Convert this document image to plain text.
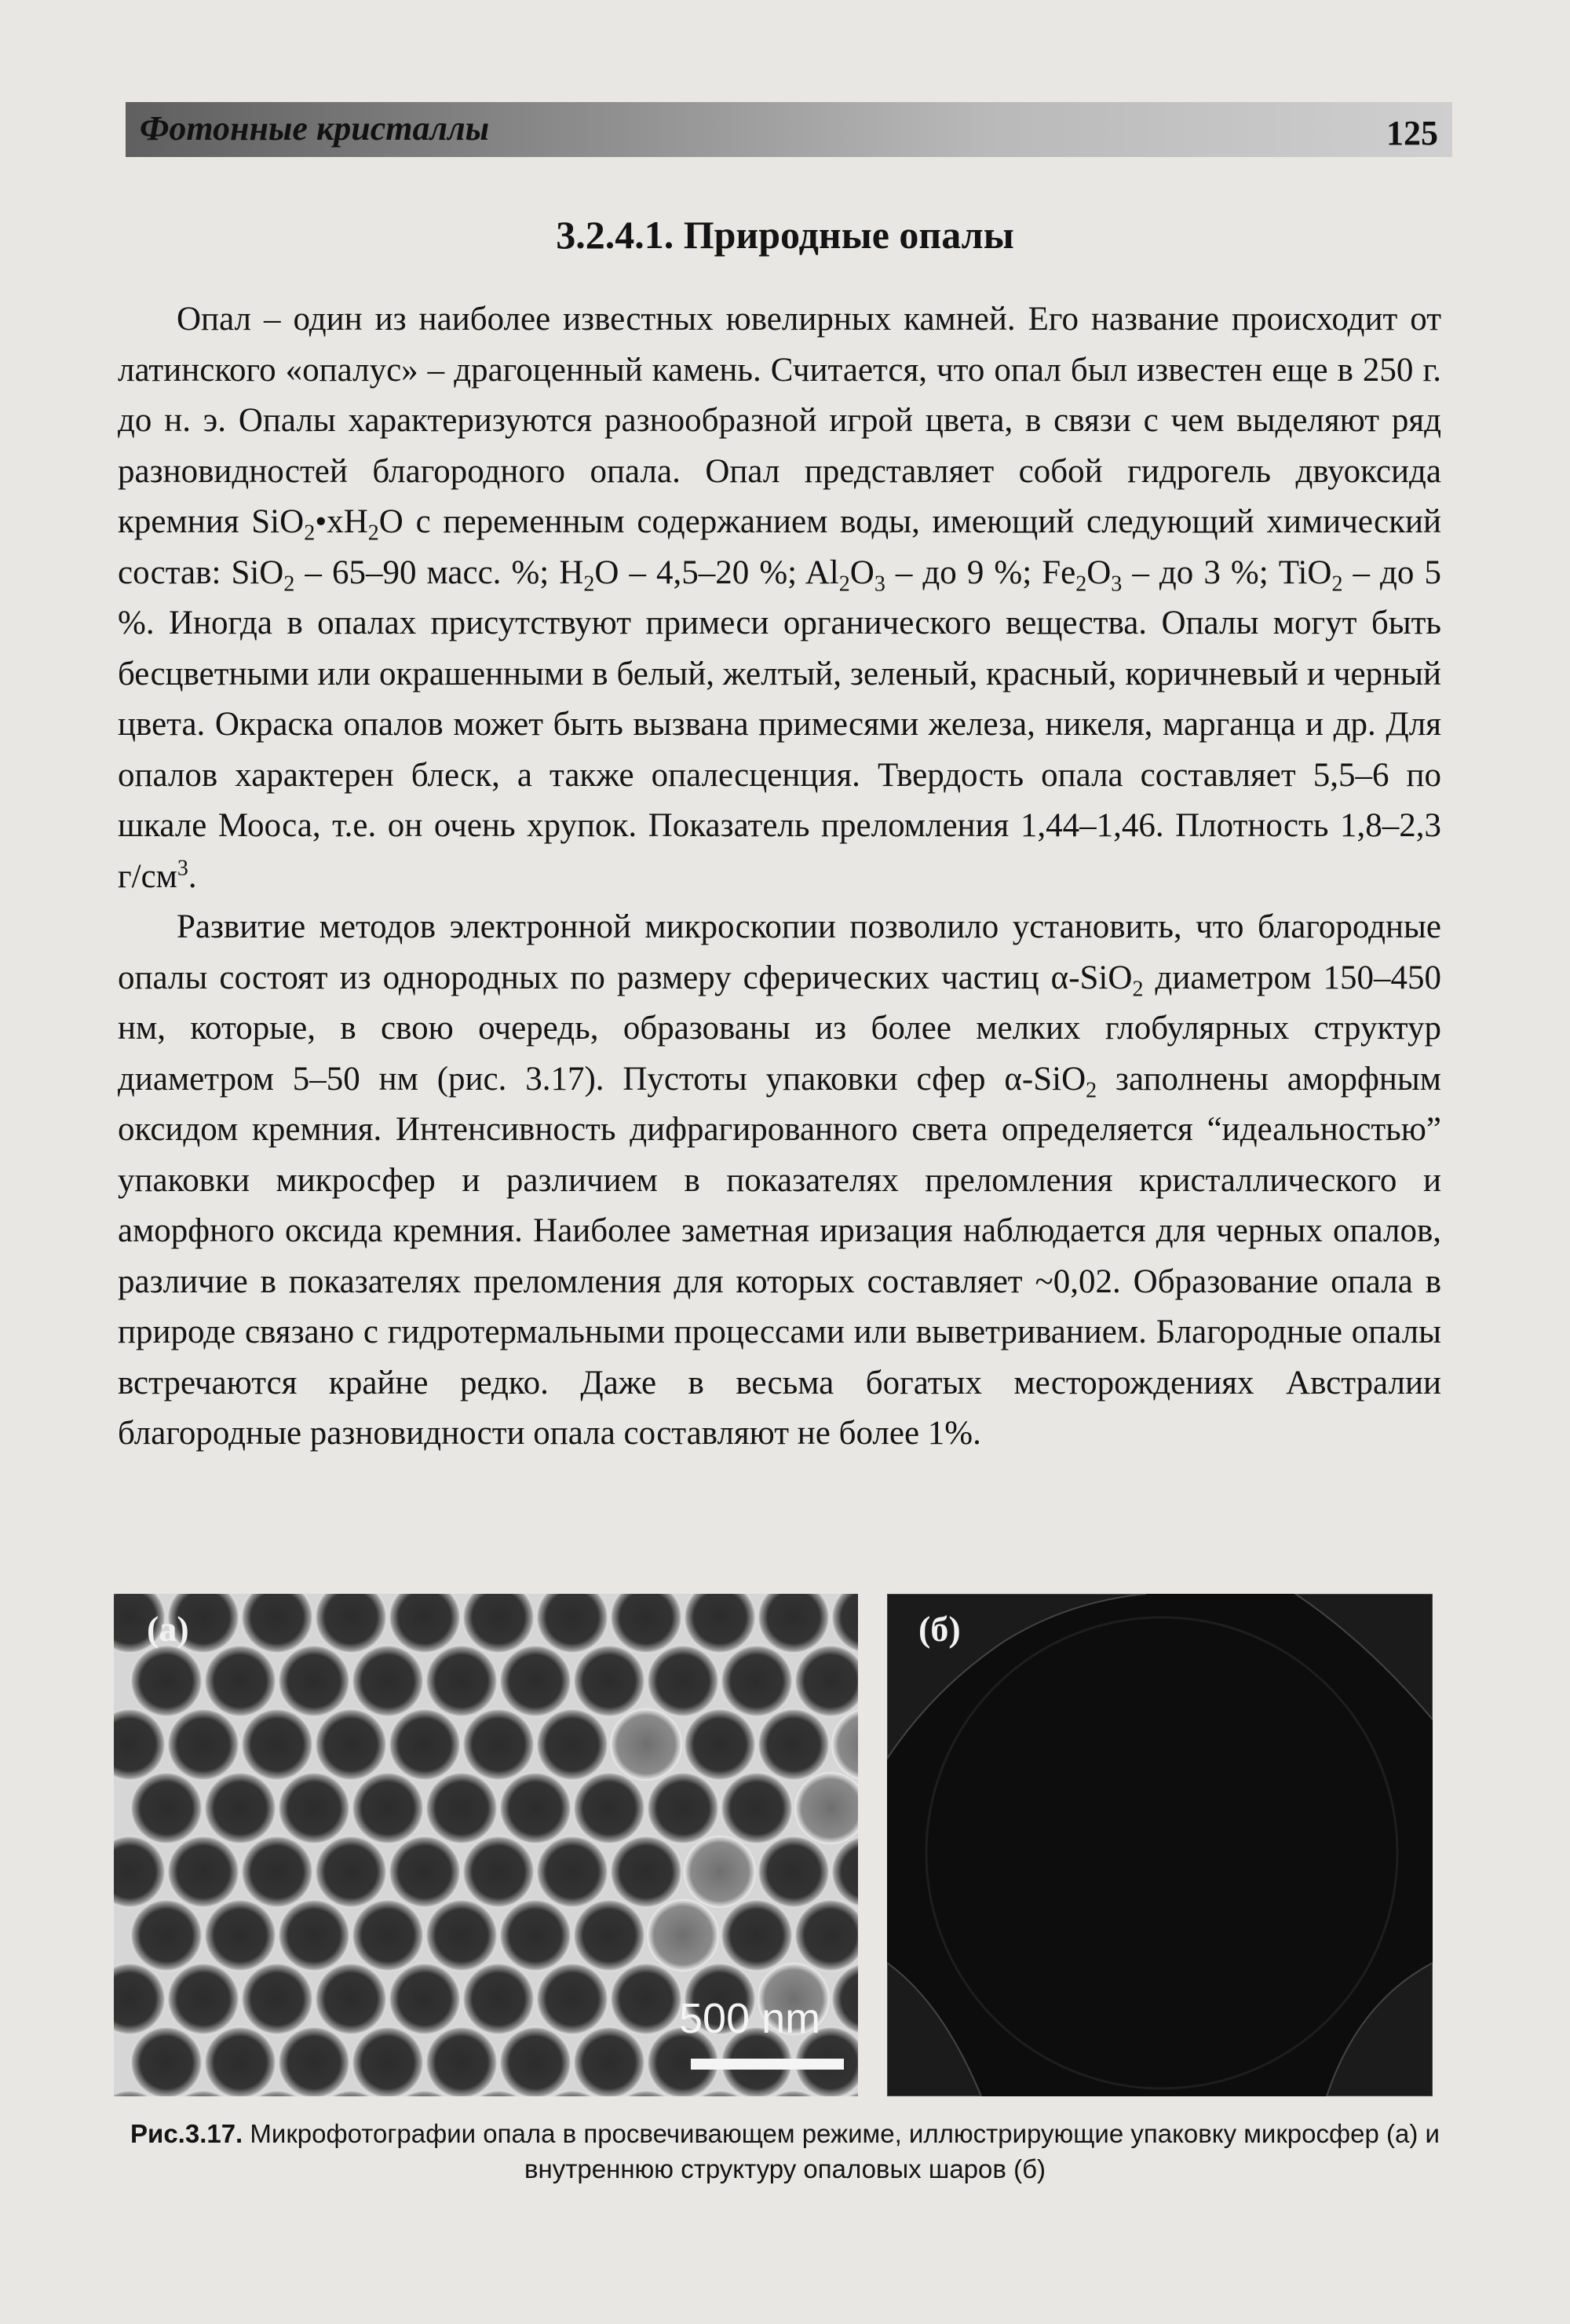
Фотонные кристаллы	125
3.2.4.1. Природные опалы

Опал – один из наиболее известных ювелирных камней. Его название происходит от латинского «опалус» – драгоценный камень. Считается, что опал был известен еще в 250 г. до н. э. Опалы характеризуются разнообразной игрой цвета, в связи с чем выделяют ряд разновидностей благородного опала. Опал представляет собой гидрогель двуоксида кремния $SiO_2•xH_2O$ с переменным содержанием воды, имеющий следующий химический состав: SiO$_2$ – 65–90 масс. %; $H_2O - 4,5-20$ %; $Al_2O_3$ – до 9 %; $Fe_2O_3$ – до 3 %; TiO$_2$ – до 5 %. Иногда в опалах присутствуют примеси органического вещества. Опалы могут быть бесцветными или окрашенными в белый, желтый, зеленый, красный, коричневый и черный цвета. Окраска опалов может быть вызвана примесями железа, никеля, марганца и др. Для опалов характерен блеск, а также опалесценция. Твердость опала составляет 5,5–6 по шкале Мооса, т.е. он очень хрупок. Показатель преломления 1,44–1,46. Плотность 1,8–2,3 $г/см^3$.

Развитие методов электронной микроскопии позволило установить, что благородные опалы состоят из однородных по размеру сферических частиц α-SiO$_2$ диаметром 150–450 нм, которые, в свою очередь, образованы из более мелких глобулярных структур диаметром 5–50 нм (рис. 3.17). Пустоты упаковки сфер α-SiO$_2$ заполнены аморфным оксидом кремния. Интенсивность дифрагированного света определяется “идеальностью” упаковки микросфер и различием в показателях преломления кристаллического и аморфного оксида кремния. Наиболее заметная иризация наблюдается для черных опалов, различие в показателях преломления для которых составляет ~0,02. Образование опала в природе связано с гидротермальными процессами или выветриванием. Благородные опалы встречаются крайне редко. Даже в весьма богатых месторождениях Австралии благородные разновидности опала составляют не более 1%.

(а)
500 nm
(б)
Рис.3.17. Микрофотографии опала в просвечивающем режиме, иллюстрирующие упаковку микросфер (а) и внутреннюю структуру опаловых шаров (б)
